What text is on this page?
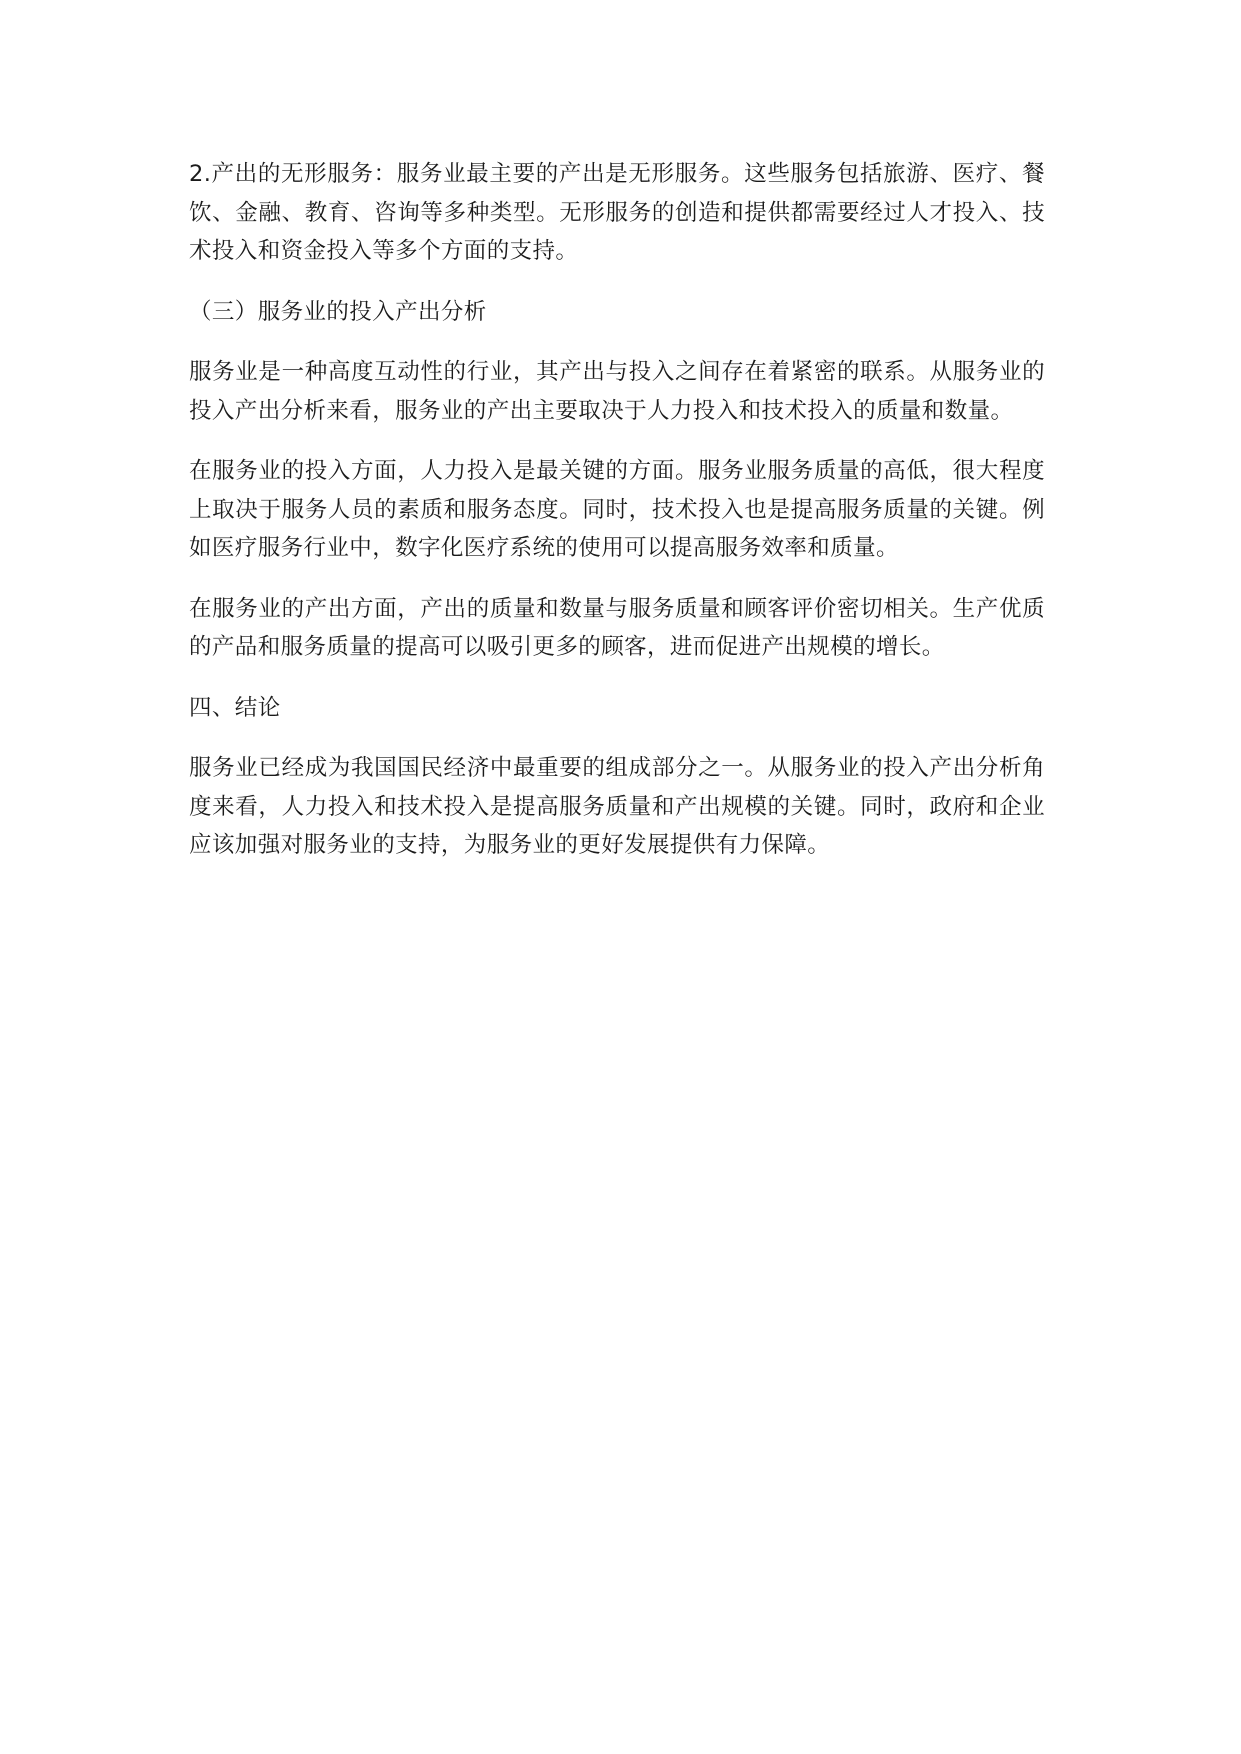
2.产出的无形服务：服务业最主要的产出是无形服务。这些服务包括旅游、医疗、餐饮、金融、教育、咨询等多种类型。无形服务的创造和提供都需要经过人才投入、技术投入和资金投入等多个方面的支持。

（三）服务业的投入产出分析

服务业是一种高度互动性的行业，其产出与投入之间存在着紧密的联系。从服务业的投入产出分析来看，服务业的产出主要取决于人力投入和技术投入的质量和数量。

在服务业的投入方面，人力投入是最关键的方面。服务业服务质量的高低，很大程度上取决于服务人员的素质和服务态度。同时，技术投入也是提高服务质量的关键。例如医疗服务行业中，数字化医疗系统的使用可以提高服务效率和质量。

在服务业的产出方面，产出的质量和数量与服务质量和顾客评价密切相关。生产优质的产品和服务质量的提高可以吸引更多的顾客，进而促进产出规模的增长。

四、结论

服务业已经成为我国国民经济中最重要的组成部分之一。从服务业的投入产出分析角度来看，人力投入和技术投入是提高服务质量和产出规模的关键。同时，政府和企业应该加强对服务业的支持，为服务业的更好发展提供有力保障。
